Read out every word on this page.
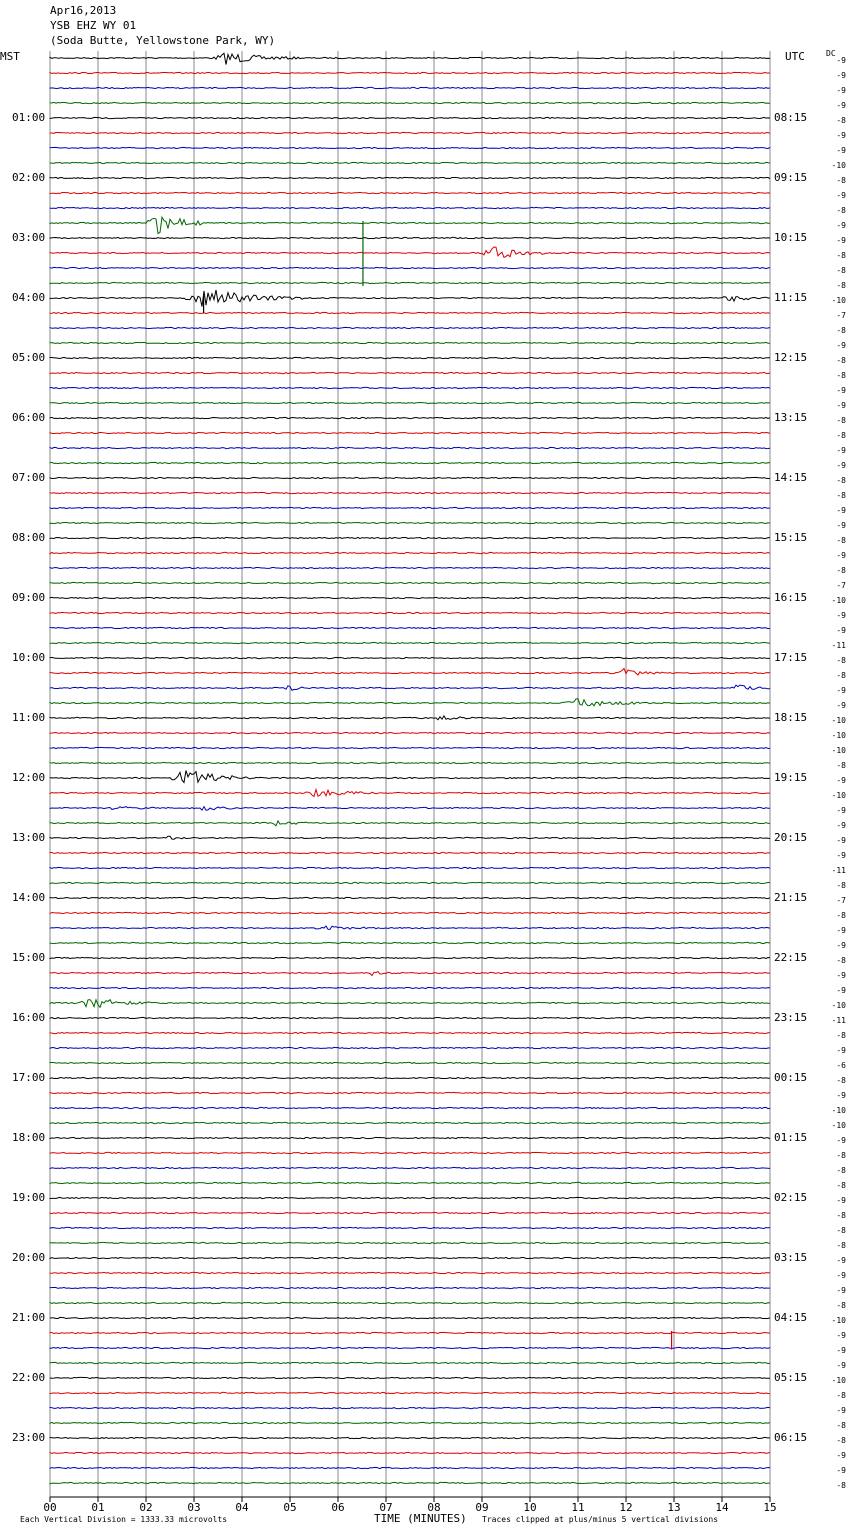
Apr16,2013
YSB EHZ WY 01
(Soda Butte, Yellowstone Park, WY)
MST	UTC	DC
00	01	02	03	04	05	06	07	08	09	10	11	12	13	14	15
01:00
02:00
03:00
04:00
05:00
06:00
07:00
08:00
09:00
10:00
11:00
12:00
13:00
14:00
15:00
16:00
17:00
18:00
19:00
20:00
21:00
22:00
23:00
08:15
09:15
10:15
11:15
12:15
13:15
14:15
15:15
16:15
17:15
18:15
19:15
20:15
21:15
22:15
23:15
00:15
01:15
02:15
03:15
04:15
05:15
06:15
-9
-9
-9
-9
-8
-9
-9
-10
-8
-9
-8
-9
-9
-8
-8
-8
-10
-7
-8
-9
-8
-8
-9
-9
-8
-8
-9
-9
-8
-8
-9
-9
-8
-9
-8
-7
-10
-9
-9
-11
-8
-8
-9
-9
-10
-10
-10
-8
-9
-10
-9
-9
-9
-9
-11
-8
-7
-8
-9
-9
-8
-9
-9
-10
-11
-8
-9
-6
-8
-9
-10
-10
-9
-8
-8
-8
-9
-8
-8
-8
-9
-9
-9
-8
-10
-9
-9
-9
-10
-8
-9
-8
-8
-9
-9
-8
TIME (MINUTES)
Each Vertical Division = 1333.33 microvolts	Traces clipped at plus/minus 5 vertical divisions
